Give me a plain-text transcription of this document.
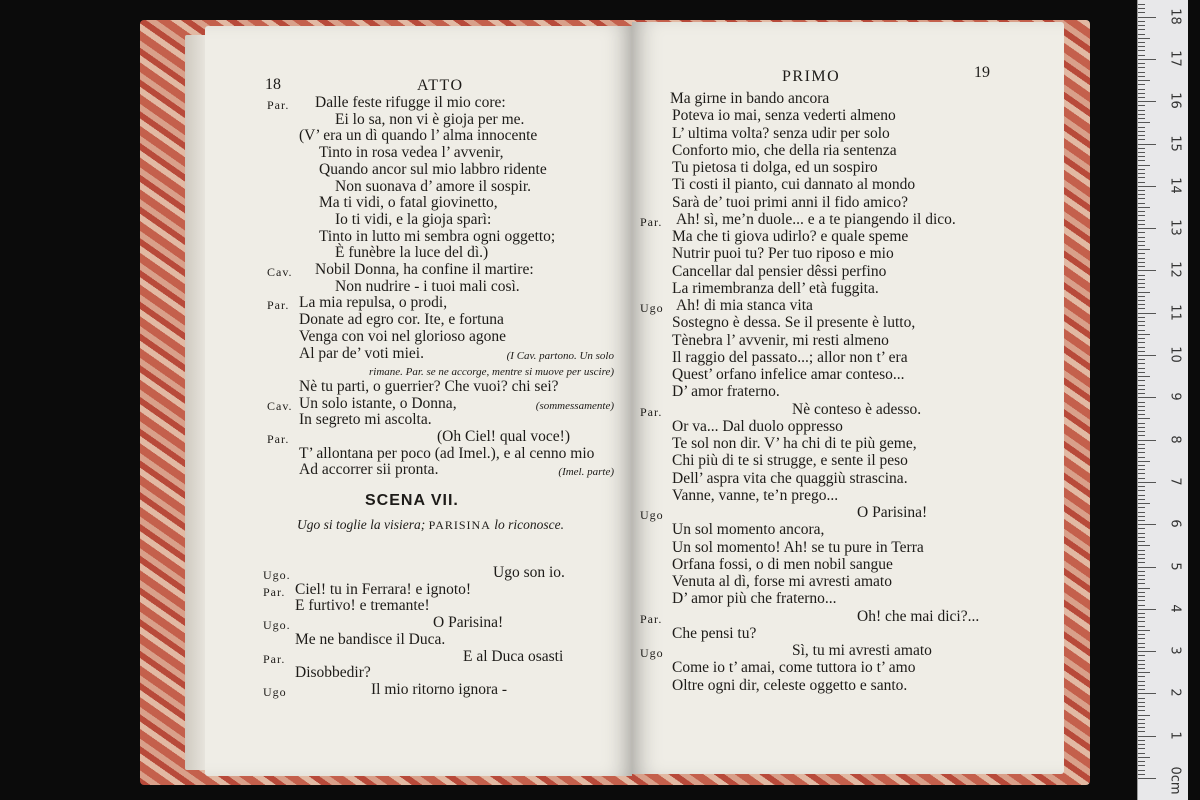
18	ATTO
Par. Dalle feste rifugge il mio core:
Ei lo sa, non vi è gioja per me.
(V’ era un dì quando l’ alma innocente
Tinto in rosa vedea l’ avvenir,
Quando ancor sul mio labbro ridente
Non suonava d’ amore il sospir.
Ma ti vidi, o fatal giovinetto,
Io ti vidi, e la gioja sparì:
Tinto in lutto mi sembra ogni oggetto;
È funèbre la luce del dì.)
Cav. Nobil Donna, ha confine il martire:
Non nudrire - i tuoi mali così.
Par. La mia repulsa, o prodi,
Donate ad egro cor. Ite, e fortuna
Venga con voi nel glorioso agone
Al par de’ voti miei.	(I Cav. partono. Un solo
rimane. Par. se ne accorge, mentre si muove per uscire)
Nè tu parti, o guerrier? Che vuoi? chi sei?
Cav. Un solo istante, o Donna,	(sommessamente)
In segreto mi ascolta.
Par.	(Oh Ciel! qual voce!)
T’ allontana per poco (ad Imel.), e al cenno mio
Ad accorrer sii pronta.	(Imel. parte)
SCENA VII.
Ugo si toglie la visiera; PARISINA lo riconosce.
Ugo.	Ugo son io.
Par. Ciel! tu in Ferrara! e ignoto!
E furtivo! e tremante!
Ugo.	O Parisina!
Me ne bandisce il Duca.
Par.	E al Duca osasti
Disobbedir?
Ugo	Il mio ritorno ignora -
PRIMO	19
Ma girne in bando ancora
Poteva io mai, senza vederti almeno
L’ ultima volta? senza udir per solo
Conforto mio, che della ria sentenza
Tu pietosa ti dolga, ed un sospiro
Ti costi il pianto, cui dannato al mondo
Sarà de’ tuoi primi anni il fido amico?
Par. Ah! sì, me’n duole... e a te piangendo il dico.
Ma che ti giova udirlo? e quale speme
Nutrir puoi tu? Per tuo riposo e mio
Cancellar dal pensier dêssi perfino
La rimembranza dell’ età fuggita.
Ugo Ah! di mia stanca vita
Sostegno è dessa. Se il presente è lutto,
Tènebra l’ avvenir, mi resti almeno
Il raggio del passato...; allor non t’ era
Quest’ orfano infelice amar conteso...
D’ amor fraterno.
Par.	Nè conteso è adesso.
Or va... Dal duolo oppresso
Te sol non dir. V’ ha chi di te più geme,
Chi più di te si strugge, e sente il peso
Dell’ aspra vita che quaggiù strascina.
Vanne, vanne, te’n prego...
Ugo	O Parisina!
Un sol momento ancora,
Un sol momento! Ah! se tu pure in Terra
Orfana fossi, o di men nobil sangue
Venuta al dì, forse mi avresti amato
D’ amor più che fraterno...
Par.	Oh! che mai dici?...
Che pensi tu?
Ugo	Sì, tu mi avresti amato
Come io t’ amai, come tuttora io t’ amo
Oltre ogni dir, celeste oggetto e santo.
0cm
1
2
3
4
5
6
7
8
9
10
11
12
13
14
15
16
17
18
